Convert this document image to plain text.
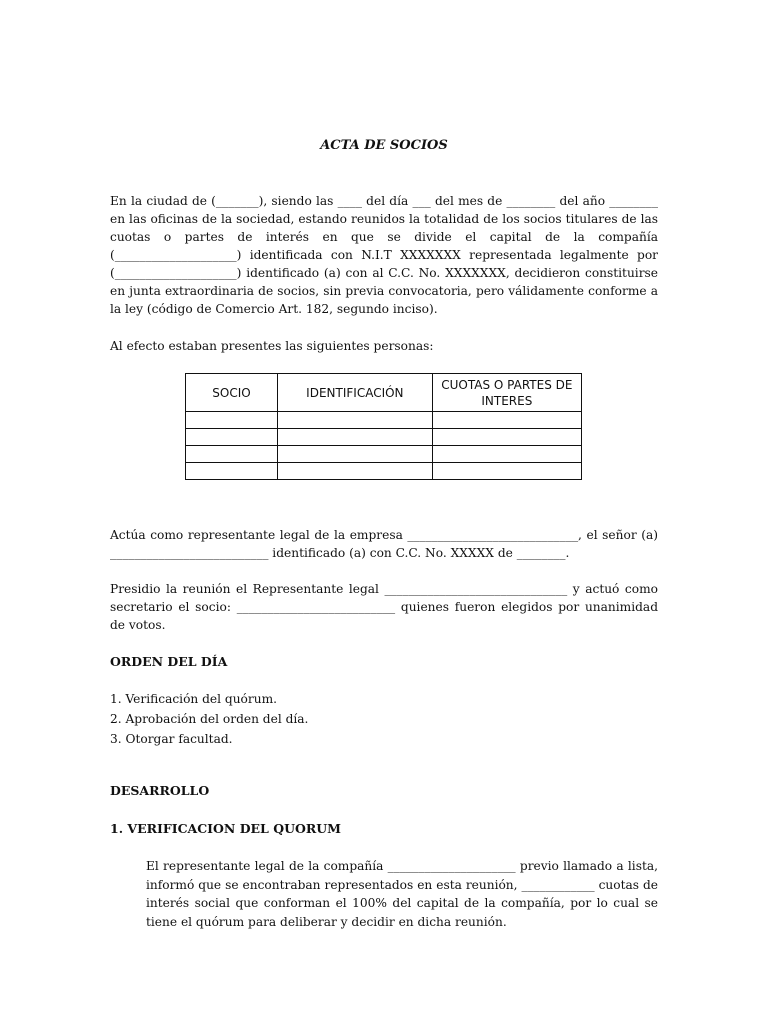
ACTA DE SOCIOS
En la ciudad de (_______), siendo las ____ del día ___ del mes de ________ del año ________ en las oficinas de la sociedad, estando reunidos la totalidad de los socios titulares de las cuotas o partes de interés en que se divide el capital de la compañía (____________________) identificada con N.I.T XXXXXXX representada legalmente por (____________________) identificado (a) con al C.C. No. XXXXXXX, decidieron constituirse en junta extraordinaria de socios, sin previa convocatoria, pero válidamente conforme a la ley (código de Comercio Art. 182, segundo inciso).
Al efecto estaban presentes las siguientes personas:
SOCIO	IDENTIFICACIÓN	CUOTAS O PARTES DE INTERES

Actúa como representante legal de la empresa ____________________________, el señor (a) __________________________ identificado (a) con C.C. No. XXXXX de ________.
Presidio la reunión el Representante legal ______________________________ y actuó como secretario el socio: __________________________ quienes fueron elegidos por unanimidad de votos.
ORDEN DEL DÍA
1. Verificación del quórum.
2. Aprobación del orden del día.
3. Otorgar facultad.
DESARROLLO
1. VERIFICACION DEL QUORUM
El representante legal de la compañía _____________________ previo llamado a lista, informó que se encontraban representados en esta reunión, ____________ cuotas de interés social que conforman el 100% del capital de la compañía, por lo cual se tiene el quórum para deliberar y decidir en dicha reunión.
